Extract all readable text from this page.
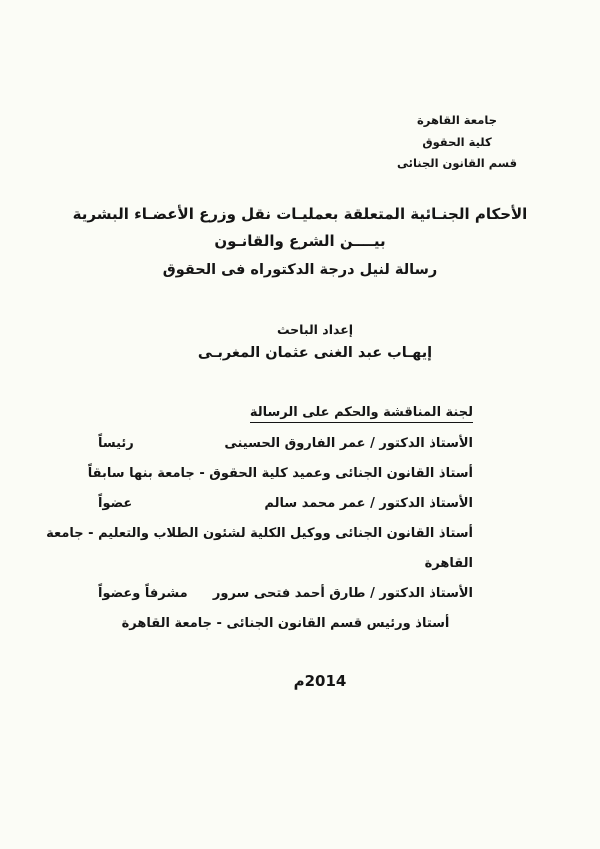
جامعة القاهرة
كلية الحقوق
قسم القانون الجنائى
الأحكام الجنـائية المتعلقة بعمليـات نقل وزرع الأعضـاء البشرية
بيــــن الشرع والقانـون
رسالة لنيل درجة الدكتوراه فى الحقوق
إعداد الباحث
إيهـاب عبد الغنى عثمان المغربـى
لجنة المناقشة والحكم على الرسالة
الأستاذ الدكتور / عمر الفاروق الحسينى
رئيساً
أستاذ القانون الجنائى وعميد كلية الحقوق - جامعة بنها سابقاً
الأستاذ الدكتور / عمر محمد سالم
عضواً
أستاذ القانون الجنائى ووكيل الكلية لشئون الطلاب والتعليم - جامعة
القاهرة
الأستاذ الدكتور / طارق أحمد فتحى سرور
مشرفاً وعضواً
أستاذ ورئيس قسم القانون الجنائى - جامعة القاهرة
2014م
